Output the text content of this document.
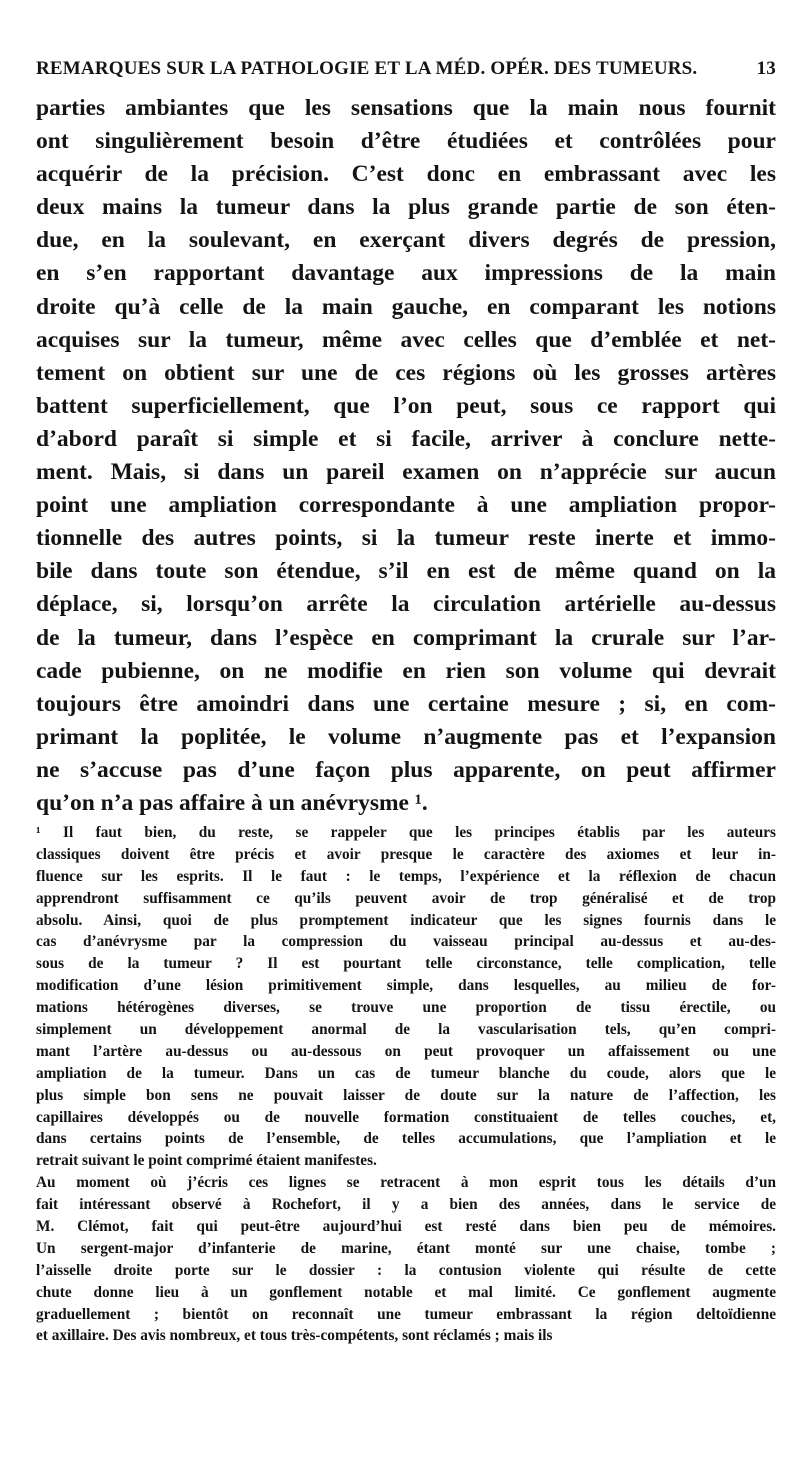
REMARQUES SUR LA PATHOLOGIE ET LA MÉD. OPÉR. DES TUMEURS.	13
parties ambiantes que les sensations que la main nous fournit
ont singulièrement besoin d’être étudiées et contrôlées pour
acquérir de la précision. C’est donc en embrassant avec les
deux mains la tumeur dans la plus grande partie de son éten-
due, en la soulevant, en exerçant divers degrés de pression,
en s’en rapportant davantage aux impressions de la main
droite qu’à celle de la main gauche, en comparant les notions
acquises sur la tumeur, même avec celles que d’emblée et net-
tement on obtient sur une de ces régions où les grosses artères
battent superficiellement, que l’on peut, sous ce rapport qui
d’abord paraît si simple et si facile, arriver à conclure nette-
ment. Mais, si dans un pareil examen on n’apprécie sur aucun
point une ampliation correspondante à une ampliation propor-
tionnelle des autres points, si la tumeur reste inerte et immo-
bile dans toute son étendue, s’il en est de même quand on la
déplace, si, lorsqu’on arrête la circulation artérielle au-dessus
de la tumeur, dans l’espèce en comprimant la crurale sur l’ar-
cade pubienne, on ne modifie en rien son volume qui devrait
toujours être amoindri dans une certaine mesure ; si, en com-
primant la poplitée, le volume n’augmente pas et l’expansion
ne s’accuse pas d’une façon plus apparente, on peut affirmer
qu’on n’a pas affaire à un anévrysme ¹.
¹ Il faut bien, du reste, se rappeler que les principes établis par les auteurs
classiques doivent être précis et avoir presque le caractère des axiomes et leur in-
fluence sur les esprits. Il le faut : le temps, l’expérience et la réflexion de chacun
apprendront suffisamment ce qu’ils peuvent avoir de trop généralisé et de trop
absolu. Ainsi, quoi de plus promptement indicateur que les signes fournis dans le
cas d’anévrysme par la compression du vaisseau principal au-dessus et au-des-
sous de la tumeur ? Il est pourtant telle circonstance, telle complication, telle
modification d’une lésion primitivement simple, dans lesquelles, au milieu de for-
mations hétérogènes diverses, se trouve une proportion de tissu érectile, ou
simplement un développement anormal de la vascularisation tels, qu’en compri-
mant l’artère au-dessus ou au-dessous on peut provoquer un affaissement ou une
ampliation de la tumeur. Dans un cas de tumeur blanche du coude, alors que le
plus simple bon sens ne pouvait laisser de doute sur la nature de l’affection, les
capillaires développés ou de nouvelle formation constituaient de telles couches, et,
dans certains points de l’ensemble, de telles accumulations, que l’ampliation et le
retrait suivant le point comprimé étaient manifestes.
Au moment où j’écris ces lignes se retracent à mon esprit tous les détails d’un
fait intéressant observé à Rochefort, il y a bien des années, dans le service de
M. Clémot, fait qui peut-être aujourd’hui est resté dans bien peu de mémoires.
Un sergent-major d’infanterie de marine, étant monté sur une chaise, tombe ;
l’aisselle droite porte sur le dossier : la contusion violente qui résulte de cette
chute donne lieu à un gonflement notable et mal limité. Ce gonflement augmente
graduellement ; bientôt on reconnaît une tumeur embrassant la région deltoïdienne
et axillaire. Des avis nombreux, et tous très-compétents, sont réclamés ; mais ils
